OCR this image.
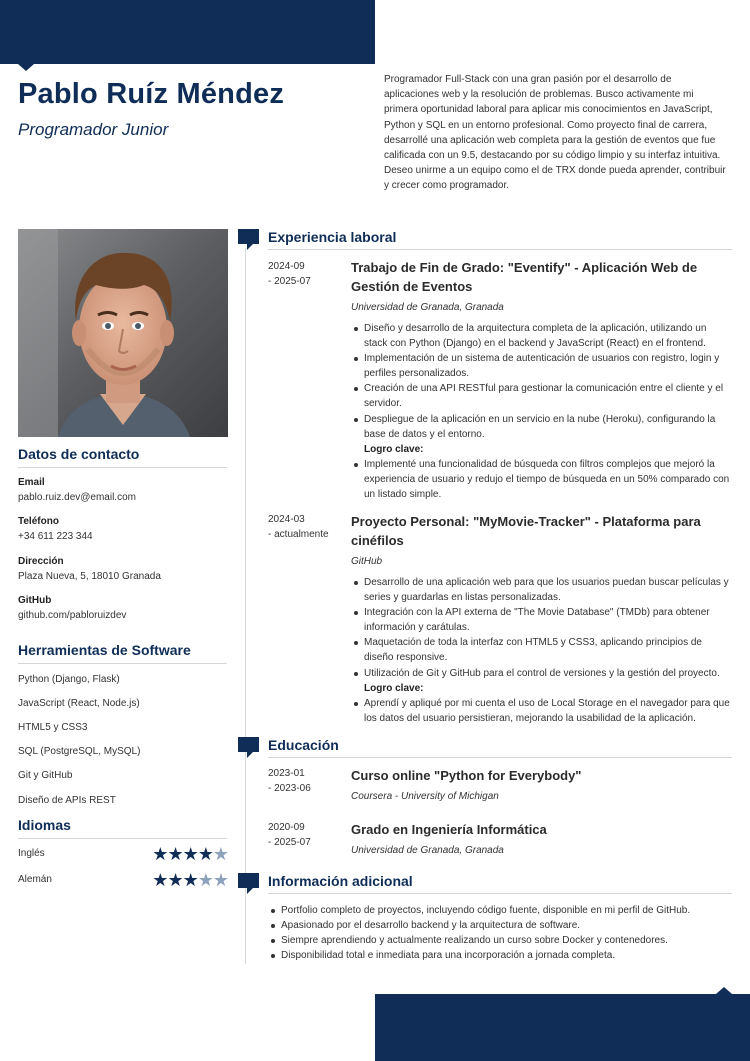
Pablo Ruíz Méndez
Programador Junior
Programador Full-Stack con una gran pasión por el desarrollo de aplicaciones web y la resolución de problemas. Busco activamente mi primera oportunidad laboral para aplicar mis conocimientos en JavaScript, Python y SQL en un entorno profesional. Como proyecto final de carrera, desarrollé una aplicación web completa para la gestión de eventos que fue calificada con un 9.5, destacando por su código limpio y su interfaz intuitiva. Deseo unirme a un equipo como el de TRX donde pueda aprender, contribuir y crecer como programador.
Datos de contacto
Email
pablo.ruiz.dev@email.com
Teléfono
+34 611 223 344
Dirección
Plaza Nueva, 5, 18010 Granada
GitHub
github.com/pabloruizdev
Herramientas de Software
Python (Django, Flask)
JavaScript (React, Node.js)
HTML5 y CSS3
SQL (PostgreSQL, MySQL)
Git y GitHub
Diseño de APIs REST
Idiomas
Inglés	★★★★★
Alemán	★★★★★
Experiencia laboral
2024-09
- 2025-07
Trabajo de Fin de Grado: "Eventify" - Aplicación Web de Gestión de Eventos
Universidad de Granada, Granada
Diseño y desarrollo de la arquitectura completa de la aplicación, utilizando un stack con Python (Django) en el backend y JavaScript (React) en el frontend.
Implementación de un sistema de autenticación de usuarios con registro, login y perfiles personalizados.
Creación de una API RESTful para gestionar la comunicación entre el cliente y el servidor.
Despliegue de la aplicación en un servicio en la nube (Heroku), configurando la base de datos y el entorno.
Logro clave:
Implementé una funcionalidad de búsqueda con filtros complejos que mejoró la experiencia de usuario y redujo el tiempo de búsqueda en un 50% comparado con un listado simple.
2024-03
- actualmente
Proyecto Personal: "MyMovie-Tracker" - Plataforma para cinéfilos
GitHub
Desarrollo de una aplicación web para que los usuarios puedan buscar películas y series y guardarlas en listas personalizadas.
Integración con la API externa de "The Movie Database" (TMDb) para obtener información y carátulas.
Maquetación de toda la interfaz con HTML5 y CSS3, aplicando principios de diseño responsive.
Utilización de Git y GitHub para el control de versiones y la gestión del proyecto.
Logro clave:
Aprendí y apliqué por mi cuenta el uso de Local Storage en el navegador para que los datos del usuario persistieran, mejorando la usabilidad de la aplicación.
Educación
2023-01
- 2023-06
Curso online "Python for Everybody"
Coursera - University of Michigan
2020-09
- 2025-07
Grado en Ingeniería Informática
Universidad de Granada, Granada
Información adicional
Portfolio completo de proyectos, incluyendo código fuente, disponible en mi perfil de GitHub.
Apasionado por el desarrollo backend y la arquitectura de software.
Siempre aprendiendo y actualmente realizando un curso sobre Docker y contenedores.
Disponibilidad total e inmediata para una incorporación a jornada completa.
